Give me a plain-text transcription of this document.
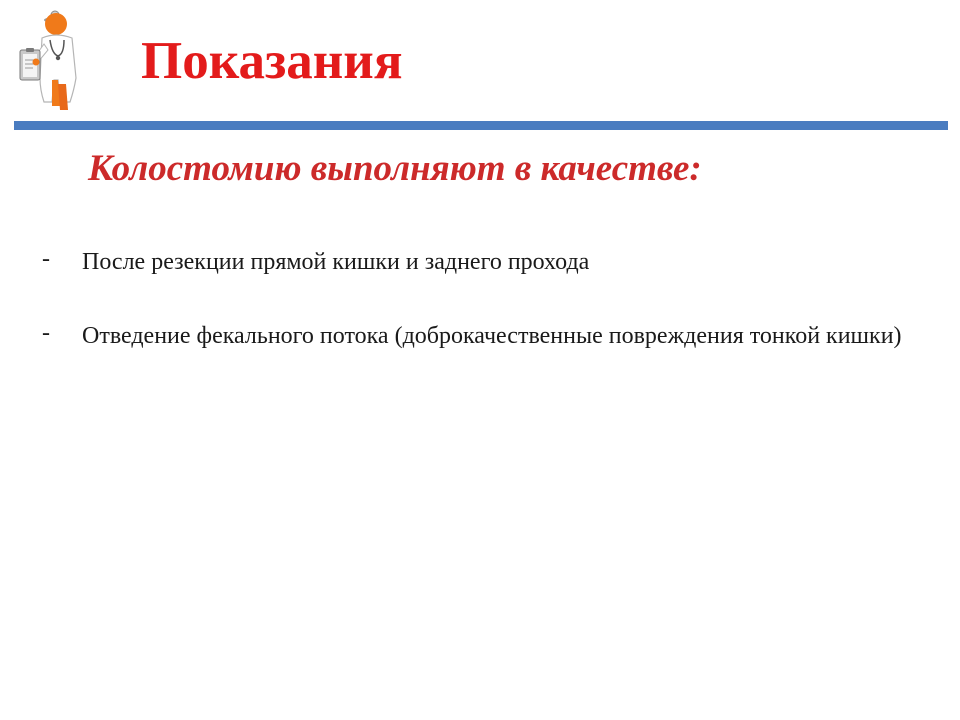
Показания
Колостомию выполняют в качестве:
- После резекции прямой кишки и заднего прохода
- Отведение фекального потока (доброкачественные повреждения тонкой кишки)
